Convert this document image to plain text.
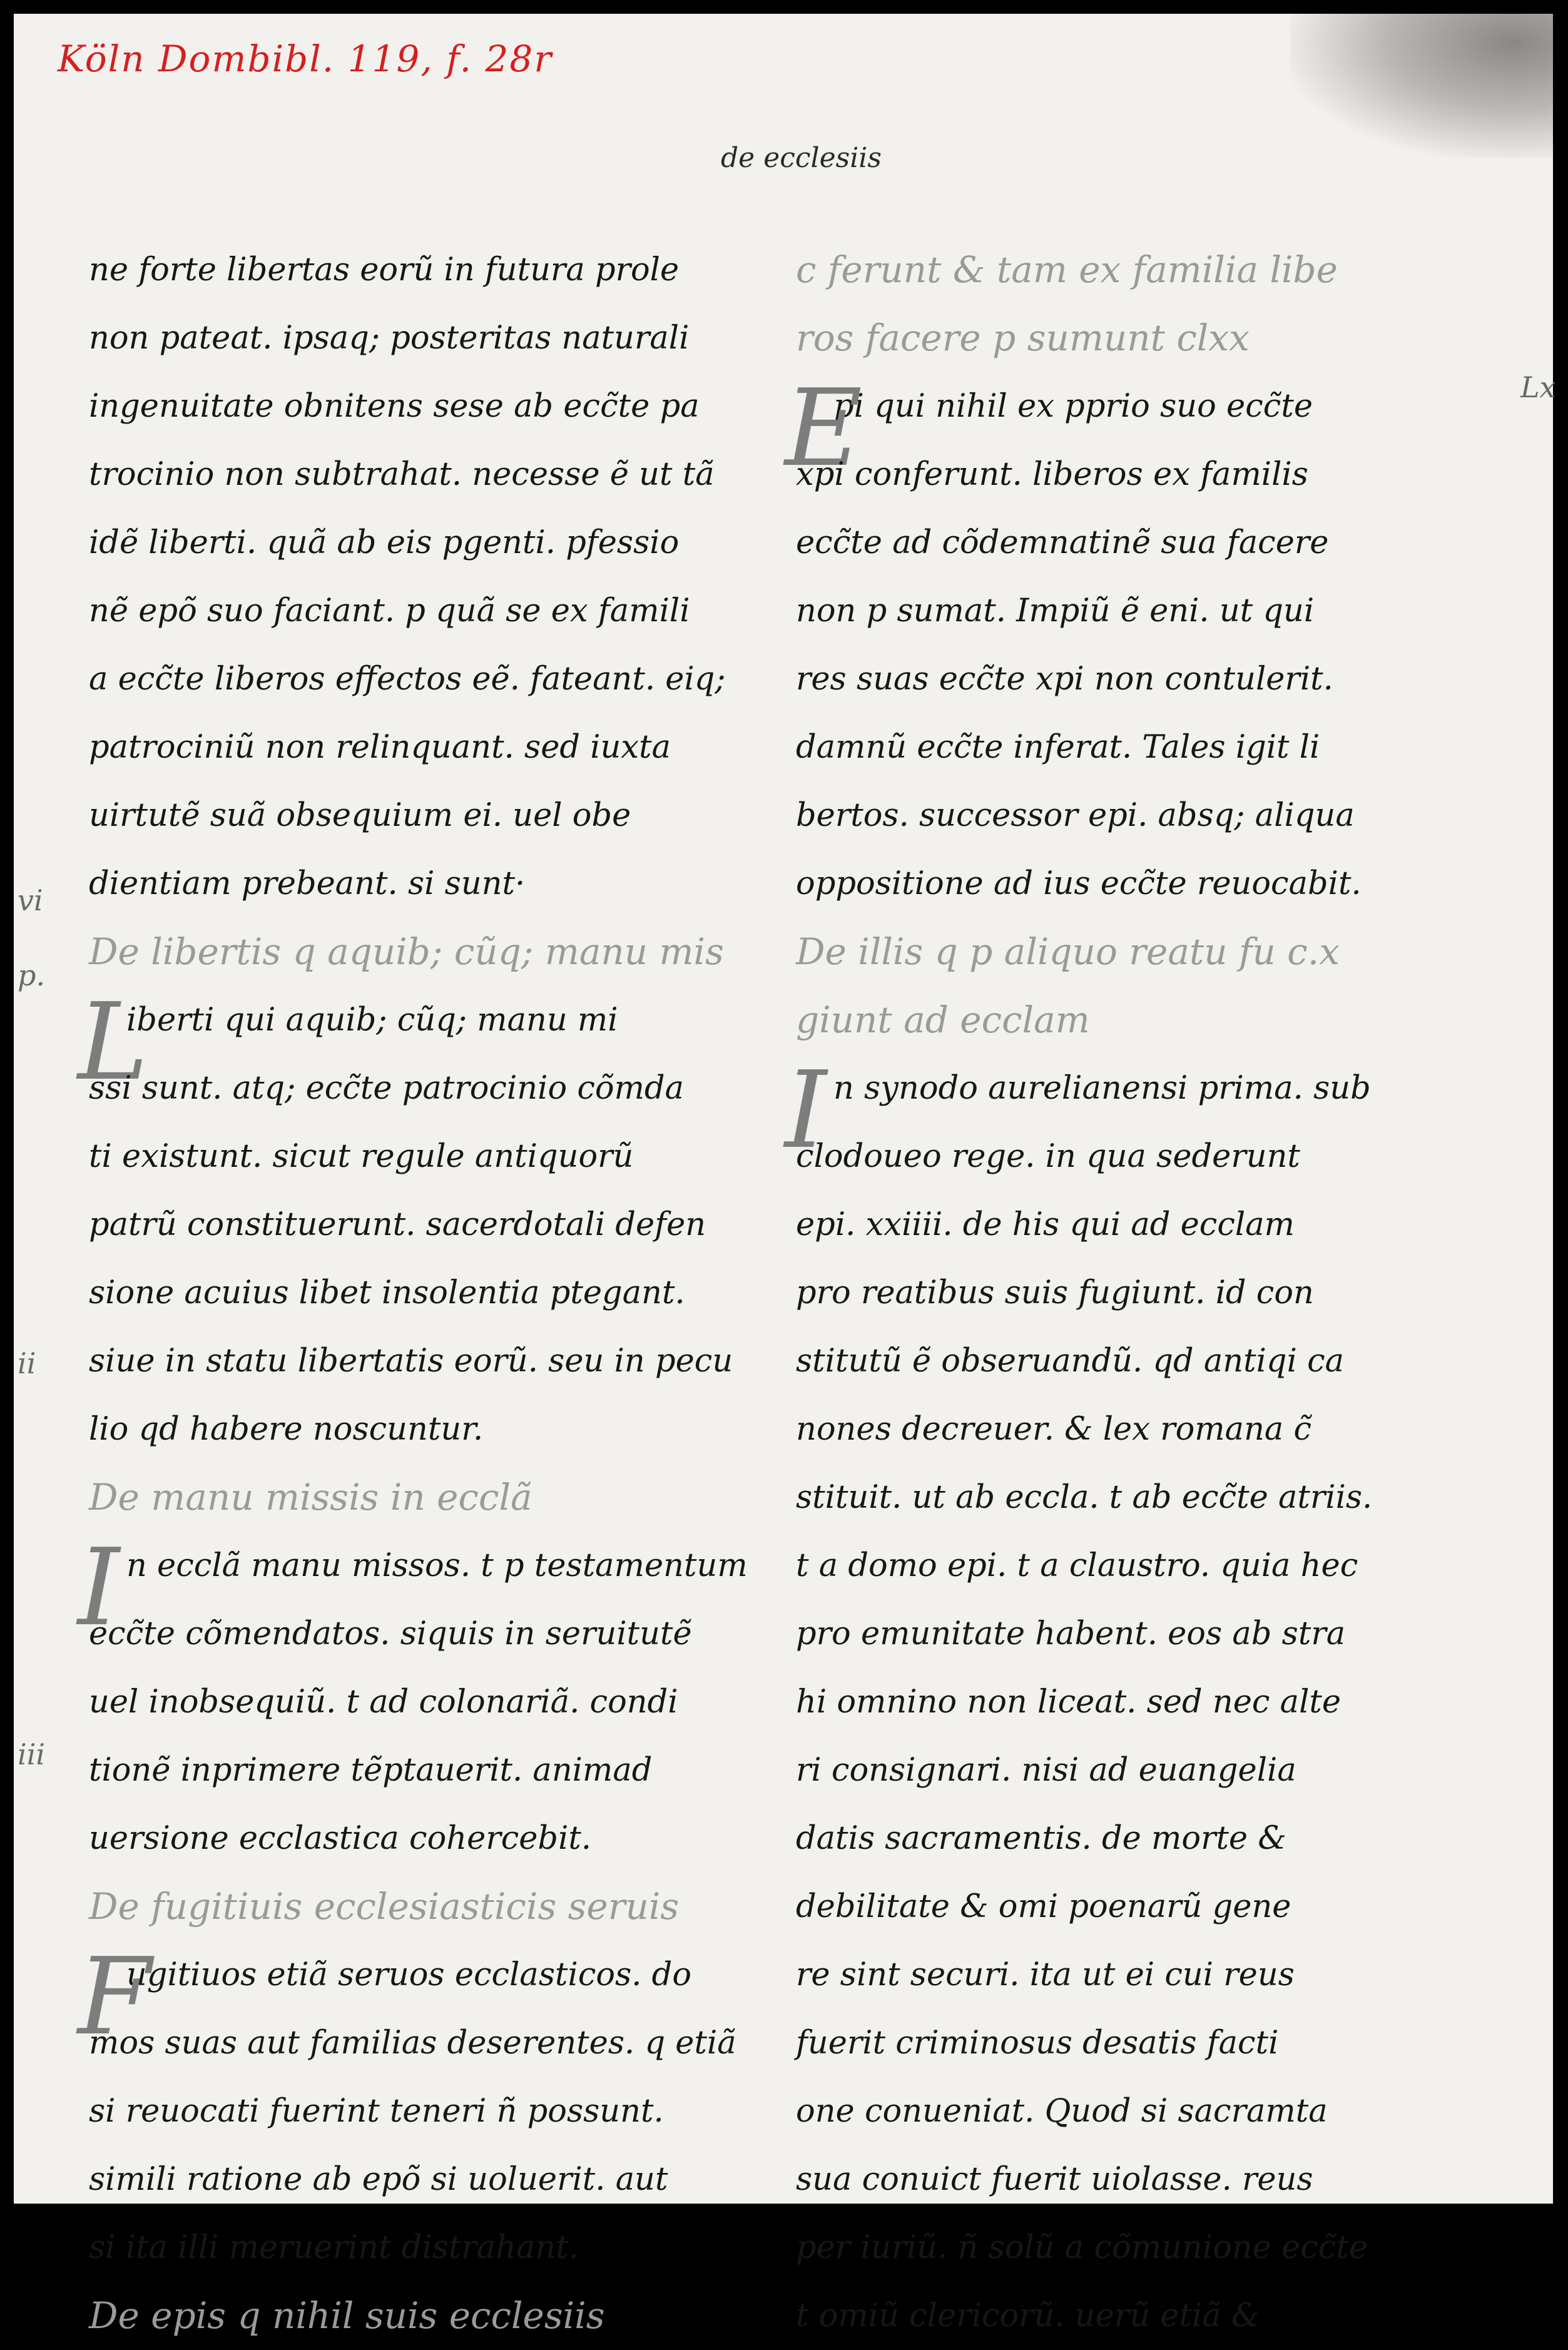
Köln Dombibl. 119, f. 28r
de ecclesiis
Lx
vi
p.
ii
iii
ne forte libertas eorũ in futura prole
non pateat. ipsaq; posteritas naturali
ingenuitate obnitens sese ab ecc̃te pa
trocinio non subtrahat. necesse ẽ ut tã
idẽ liberti. quã ab eis pgenti. pfessio
nẽ epõ suo faciant. p quã se ex famili
a ecc̃te liberos effectos eẽ. fateant. eiq;
patrociniũ non relinquant. sed iuxta
uirtutẽ suã obsequium ei. uel obe
dientiam prebeant. si sunt·
De libertis q aquib; cũq; manu mis
L
iberti qui aquib; cũq; manu mi
ssi sunt. atq; ecc̃te patrocinio cõmda
ti existunt. sicut regule antiquorũ
patrũ constituerunt. sacerdotali defen
sione acuius libet insolentia ptegant.
siue in statu libertatis eorũ. seu in pecu
lio qd habere noscuntur.
De manu missis in ecclã
I n ecclã manu missos. t p testamentum
ecc̃te cõmendatos. siquis in seruitutẽ
uel inobsequiũ. t ad colonariã. condi
tionẽ inprimere tẽptauerit. animad
uersione ecclastica cohercebit.
De fugitiuis ecclesiasticis seruis
F
ugitiuos etiã seruos ecclasticos. do
mos suas aut familias deserentes. q etiã
si reuocati fuerint teneri ñ possunt.
simili ratione ab epõ si uoluerit. aut
si ita illi meruerint distrahant.
De epis q nihil suis ecclesiis
c ferunt & tam ex familia libe
ros facere p sumunt clxx
E
pi qui nihil ex pprio suo ecc̃te
xpi conferunt. liberos ex familis
ecc̃te ad cõdemnatinẽ sua facere
non p sumat. Impiũ ẽ eni. ut qui
res suas ecc̃te xpi non contulerit.
damnũ ecc̃te inferat. Tales igit li
bertos. successor epi. absq; aliqua
oppositione ad ius ecc̃te reuocabit.
De illis q p aliquo reatu fu c.x
giunt ad ecclam
I n synodo aurelianensi prima. sub
clodoueo rege. in qua sederunt
epi. xxiiii. de his qui ad ecclam
pro reatibus suis fugiunt. id con
stitutũ ẽ obseruandũ. qd antiqi ca
nones decreuer. & lex romana c̃
stituit. ut ab eccla. t ab ecc̃te atriis.
t a domo epi. t a claustro. quia hec
pro emunitate habent. eos ab stra
hi omnino non liceat. sed nec alte
ri consignari. nisi ad euangelia
datis sacramentis. de morte &
debilitate & omi poenarũ gene
re sint securi. ita ut ei cui reus
fuerit criminosus desatis facti
one conueniat. Quod si sacramta
sua conuict fuerit uiolasse. reus
per iuriũ. ñ solũ a cõmunione ecc̃te
t omiũ clericorũ. uerũ etiã &
